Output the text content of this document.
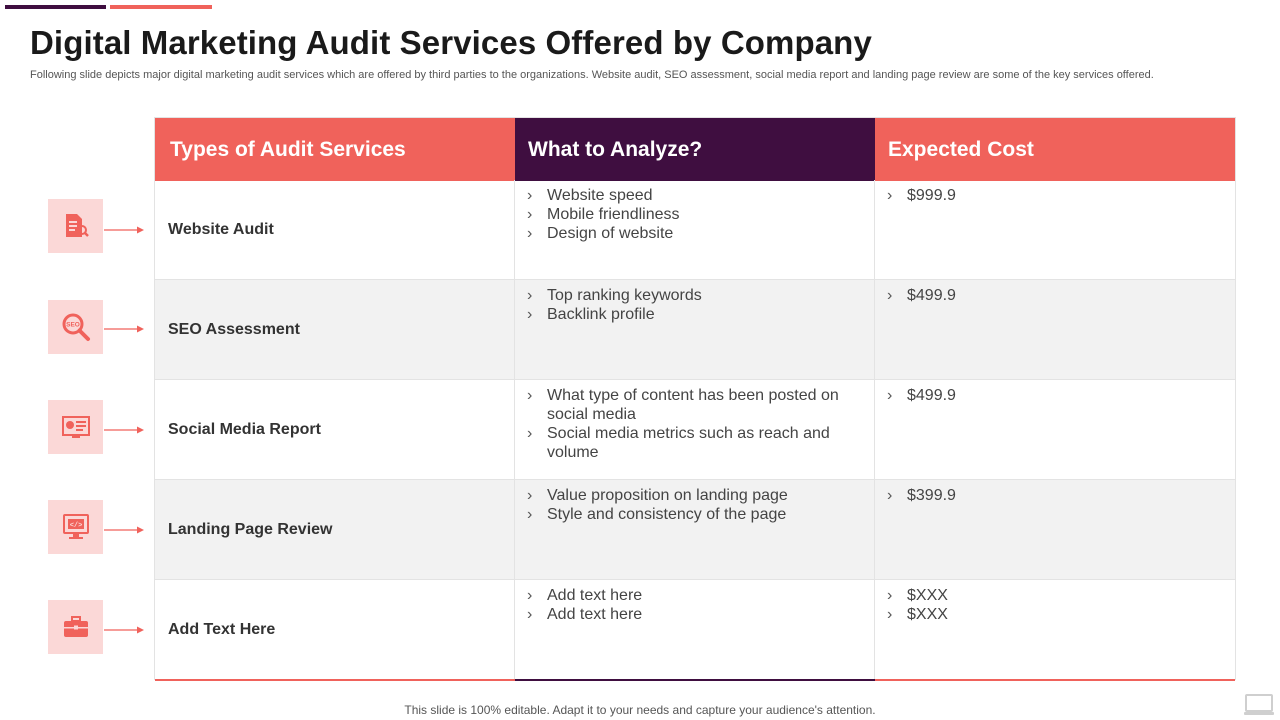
Digital Marketing Audit Services Offered by Company

Following slide depicts major digital marketing audit services which are offered by third parties to the organizations. Website audit, SEO assessment, social media report and landing page review are some of the key services offered.

SEO
</>
Types of Audit Services	What to Analyze?	Expected Cost
Website Audit
› Website speed
› Mobile friendliness
› Design of website
› $999.9
SEO Assessment
› Top ranking keywords
› Backlink profile
› $499.9
Social Media Report
› What type of content has been posted on social media
› Social media metrics such as reach and volume
› $499.9
Landing Page Review
› Value proposition on landing page
› Style and consistency of the page
› $399.9
Add Text Here
› Add text here
› Add text here
› $XXX
› $XXX
This slide is 100% editable. Adapt it to your needs and capture your audience's attention.
